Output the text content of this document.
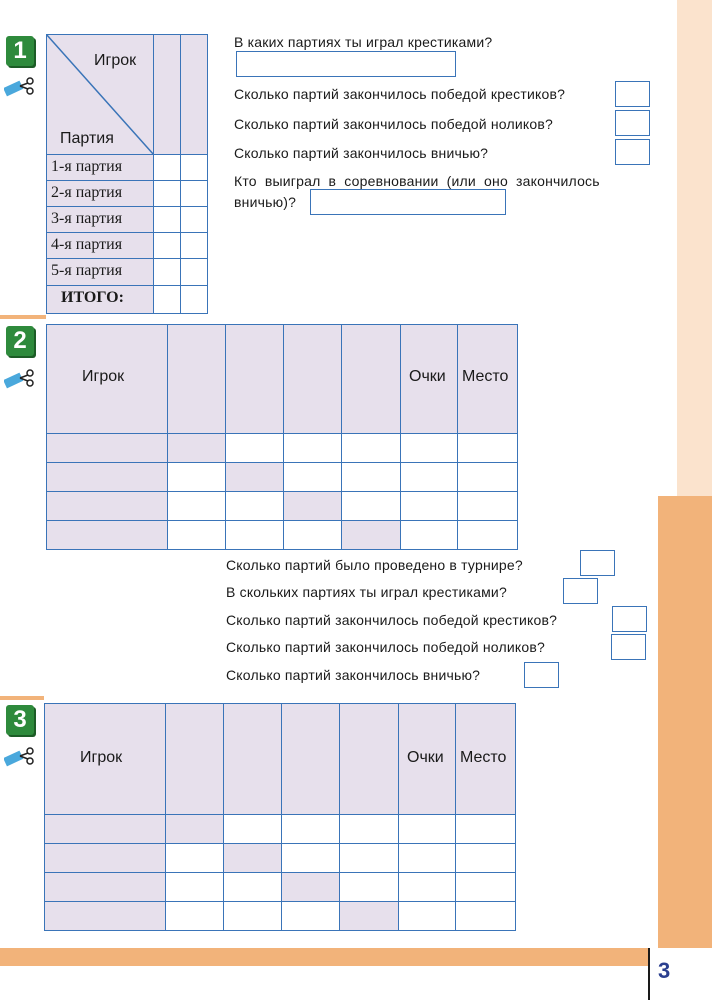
3
1	Игрок
Партия
1-я партия
2-я партия
3-я партия
4-я партия
5-я партия
ИТОГО:
В каких партиях ты играл крестиками?
Сколько партий закончилось победой крестиков?
Сколько партий закончилось победой ноликов?
Сколько партий закончилось вничью?
Кто выиграл в соревновании (или оно закончилось
вничью)?
2
Игрок	Очки Место
Сколько партий было проведено в турнире?
В скольких партиях ты играл крестиками?
Сколько партий закончилось победой крестиков?
Сколько партий закончилось победой ноликов?
Сколько партий закончилось вничью?
3
Игрок	Очки Место
